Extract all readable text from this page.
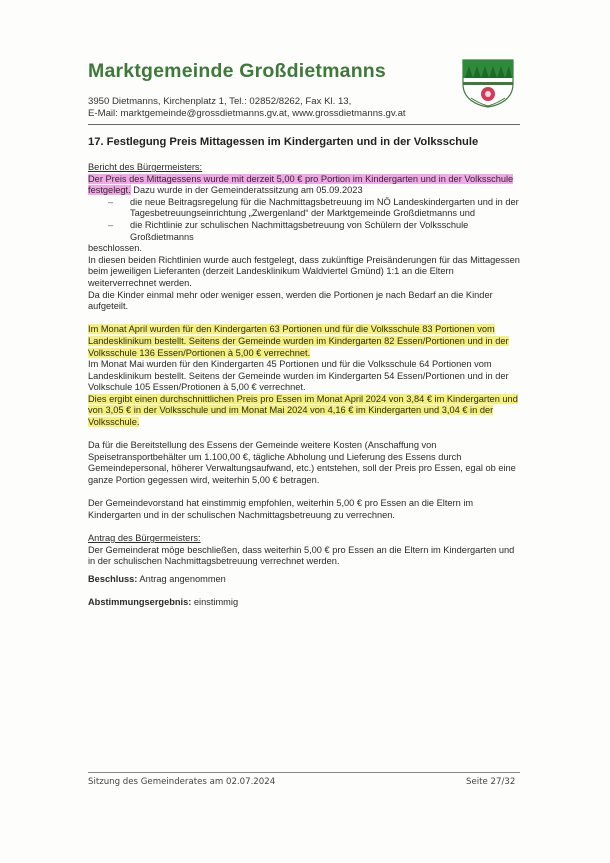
Marktgemeinde Großdietmanns
3950 Dietmanns, Kirchenplatz 1, Tel.: 02852/8262, Fax Kl. 13,
E-Mail: marktgemeinde@grossdietmanns.gv.at, www.grossdietmanns.gv.at
17. Festlegung Preis Mittagessen im Kindergarten und in der Volksschule

Bericht des Bürgermeisters:

Der Preis des Mittagessens wurde mit derzeit 5,00 € pro Portion im Kindergarten und in der Volksschule festgelegt. Dazu wurde in der Gemeinderatssitzung am 05.09.2023

– die neue Beitragsregelung für die Nachmittagsbetreuung im NÖ Landeskindergarten und in der Tagesbetreuungseinrichtung „Zwergenland“ der Marktgemeinde Großdietmanns und
– die Richtlinie zur schulischen Nachmittagsbetreuung von Schülern der Volksschule Großdietmanns

beschlossen.

In diesen beiden Richtlinien wurde auch festgelegt, dass zukünftige Preisänderungen für das Mittagessen beim jeweiligen Lieferanten (derzeit Landesklinikum Waldviertel Gmünd) 1:1 an die Eltern weiterverrechnet werden.

Da die Kinder einmal mehr oder weniger essen, werden die Portionen je nach Bedarf an die Kinder aufgeteilt.

Im Monat April wurden für den Kindergarten 63 Portionen und für die Volksschule 83 Portionen vom Landesklinikum bestellt. Seitens der Gemeinde wurden im Kindergarten 82 Essen/Portionen und in der Volksschule 136 Essen/Portionen à 5,00 € verrechnet.

Im Monat Mai wurden für den Kindergarten 45 Portionen und für die Volksschule 64 Portionen vom Landesklinikum bestellt. Seitens der Gemeinde wurden im Kindergarten 54 Essen/Portionen und in der Volkschule 105 Essen/Protionen à 5,00 € verrechnet.

Dies ergibt einen durchschnittlichen Preis pro Essen im Monat April 2024 von 3,84 € im Kindergarten und von 3,05 € in der Volksschule und im Monat Mai 2024 von 4,16 € im Kindergarten und 3,04 € in der Volksschule.

Da für die Bereitstellung des Essens der Gemeinde weitere Kosten (Anschaffung von Speisetransportbehälter um 1.100,00 €, tägliche Abholung und Lieferung des Essens durch Gemeindepersonal, höherer Verwaltungsaufwand, etc.) entstehen, soll der Preis pro Essen, egal ob eine ganze Portion gegessen wird, weiterhin 5,00 € betragen.

Der Gemeindevorstand hat einstimmig empfohlen, weiterhin 5,00 € pro Essen an die Eltern im Kindergarten und in der schulischen Nachmittagsbetreuung zu verrechnen.

Antrag des Bürgermeisters:

Der Gemeinderat möge beschließen, dass weiterhin 5,00 € pro Essen an die Eltern im Kindergarten und in der schulischen Nachmittagsbetreuung verrechnet werden.

Beschluss: Antrag angenommen

Abstimmungsergebnis: einstimmig

Sitzung des Gemeinderates am 02.07.2024	Seite 27/32
